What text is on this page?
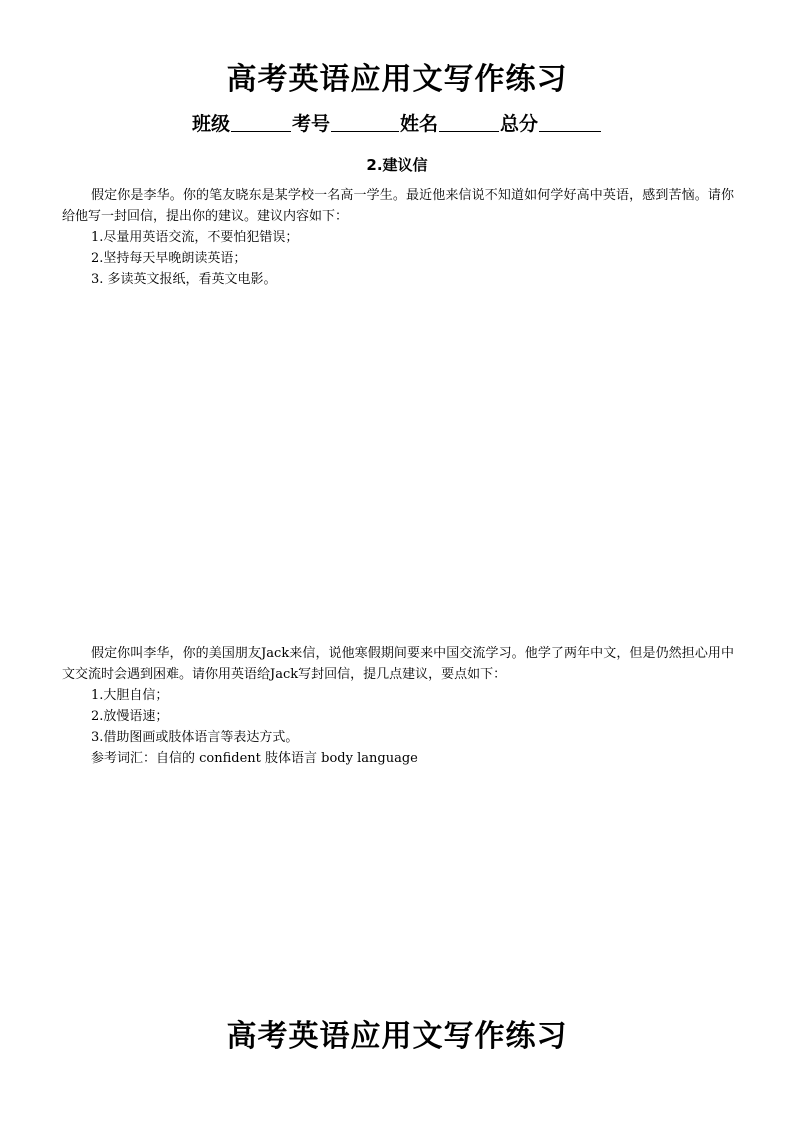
高考英语应用文写作练习
班级	考号	姓名	总分
2.建议信

假定你是李华。你的笔友晓东是某学校一名高一学生。最近他来信说不知道如何学好高中英语，感到苦恼。请你给他写一封回信，提出你的建议。建议内容如下：

1.尽量用英语交流，不要怕犯错误；

2.坚持每天早晚朗读英语；

3. 多读英文报纸，看英文电影。

假定你叫李华，你的美国朋友Jack来信，说他寒假期间要来中国交流学习。他学了两年中文，但是仍然担心用中文交流时会遇到困难。请你用英语给Jack写封回信，提几点建议，要点如下：

1.大胆自信；

2.放慢语速；

3.借助图画或肢体语言等表达方式。

参考词汇：自信的 confident 肢体语言 body language

高考英语应用文写作练习
